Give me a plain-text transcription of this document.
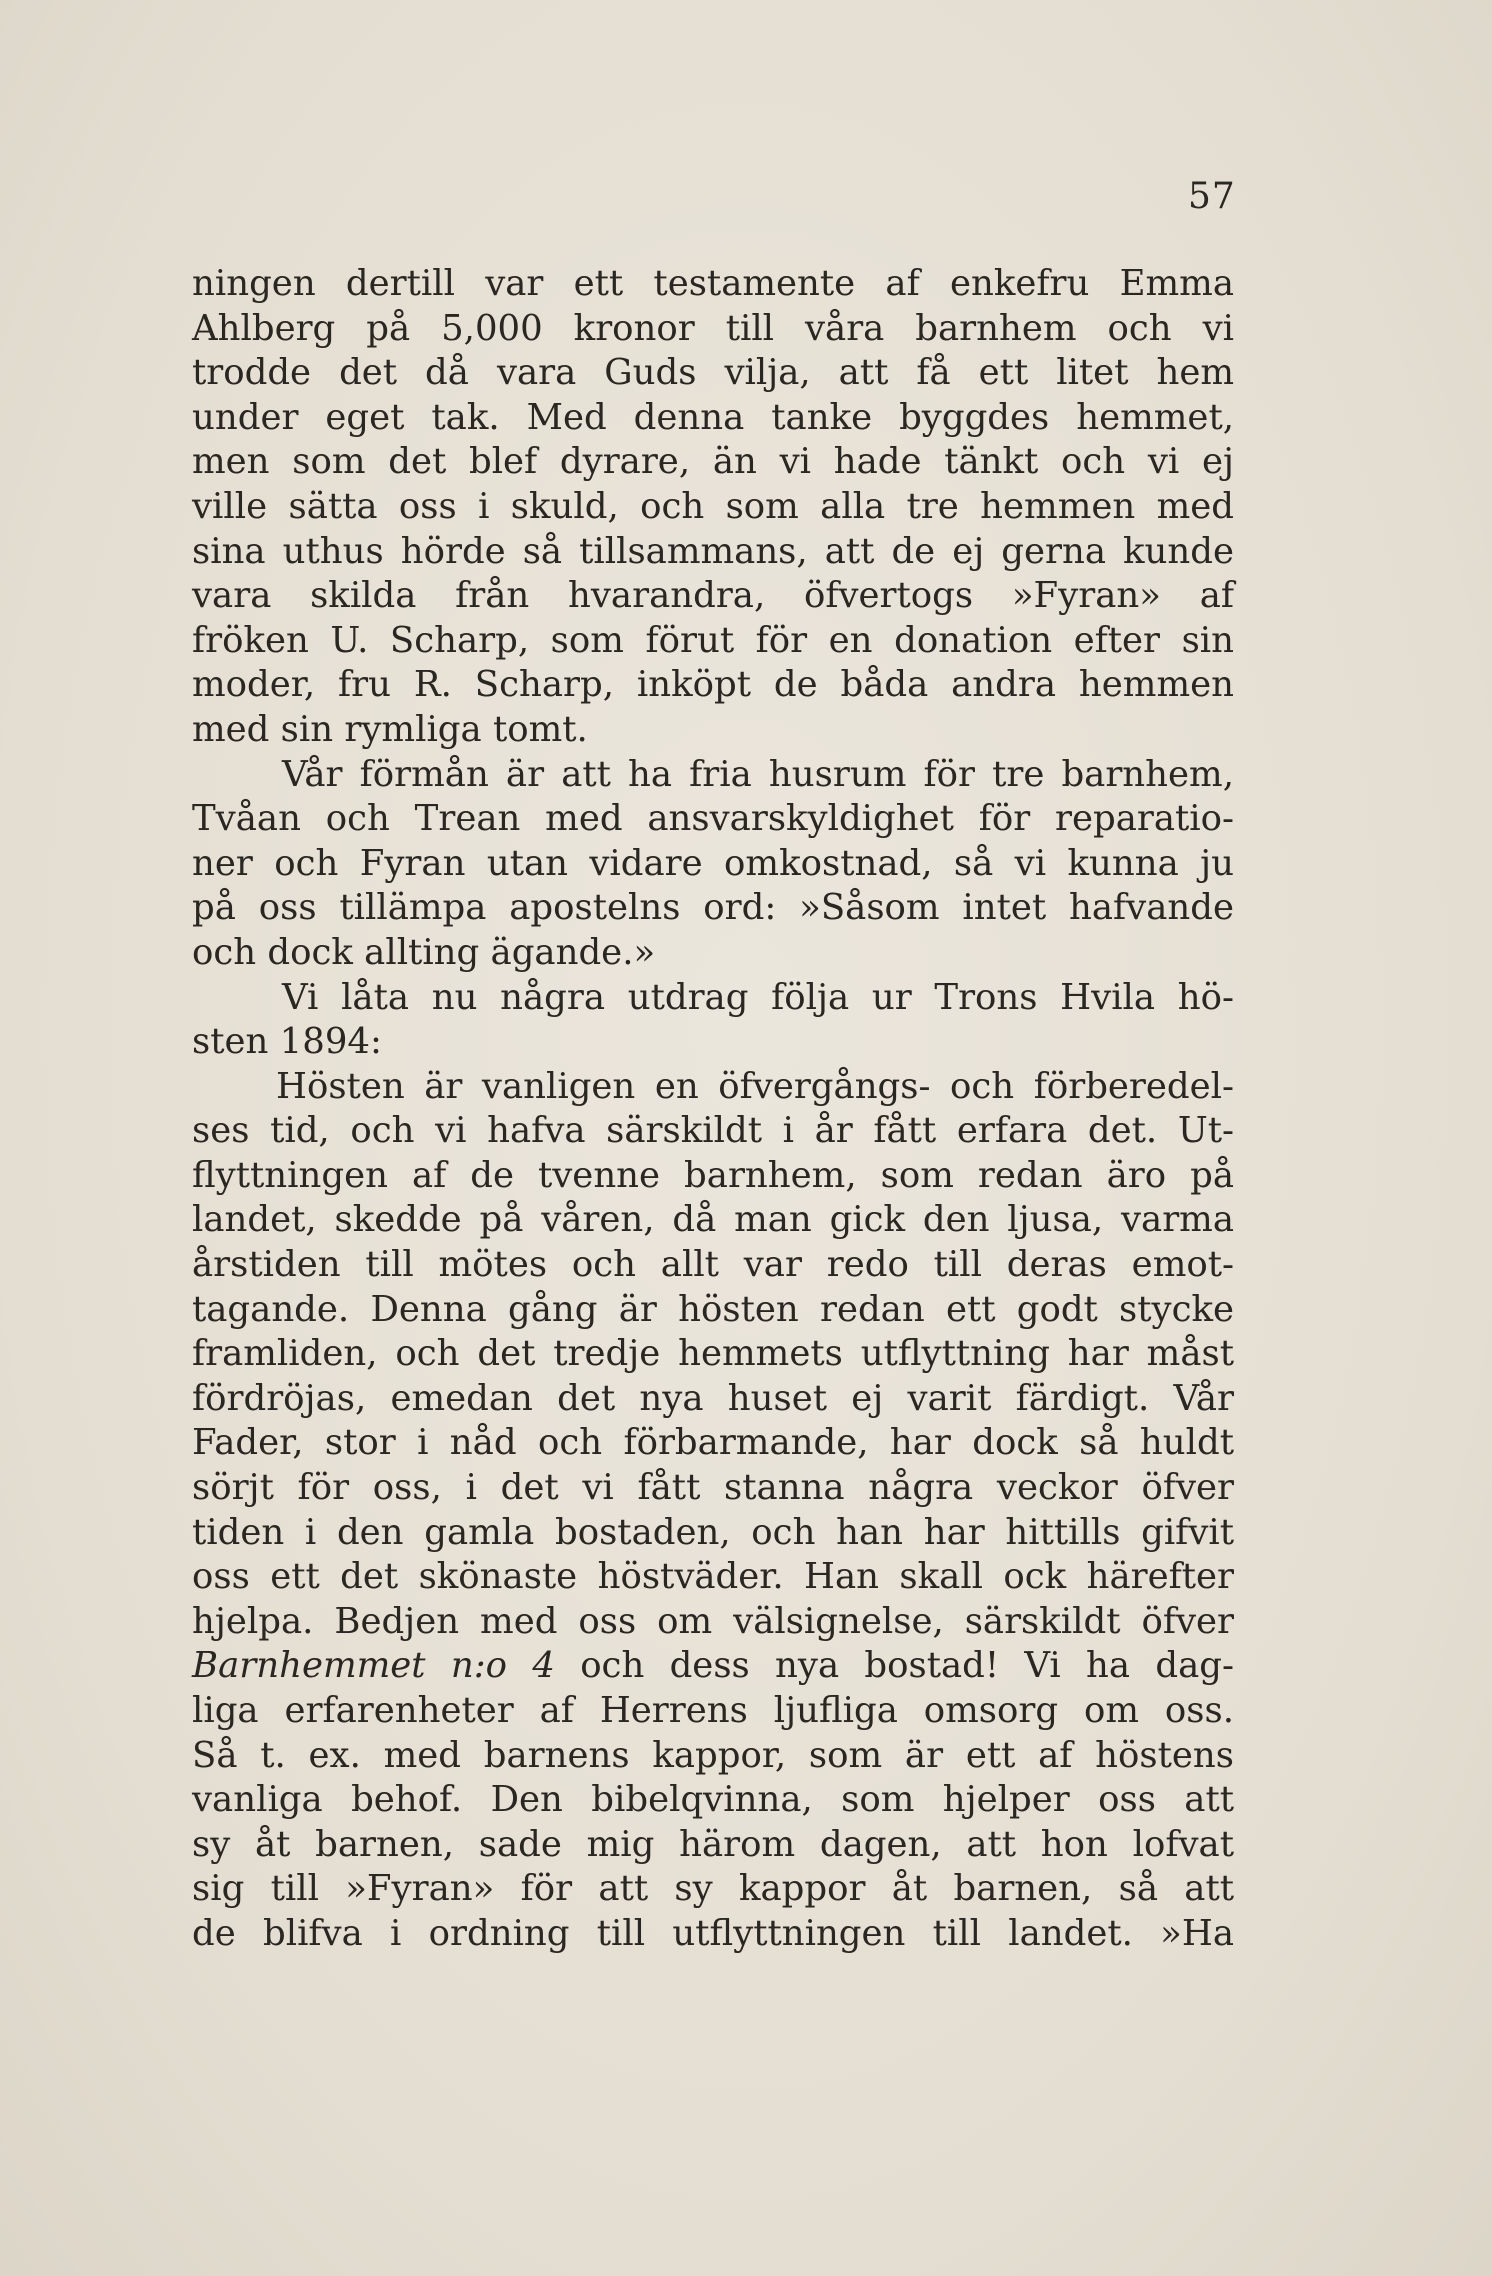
57
ningen dertill var ett testamente af enkefru Emma
Ahlberg på 5,000 kronor till våra barnhem och vi
trodde det då vara Guds vilja, att få ett litet hem
under eget tak. Med denna tanke byggdes hemmet,
men som det blef dyrare, än vi hade tänkt och vi ej
ville sätta oss i skuld, och som alla tre hemmen med
sina uthus hörde så tillsammans, att de ej gerna kunde
vara skilda från hvarandra, öfvertogs »Fyran» af
fröken U. Scharp, som förut för en donation efter sin
moder, fru R. Scharp, inköpt de båda andra hemmen
med sin rymliga tomt.
Vår förmån är att ha fria husrum för tre barnhem,
Tvåan och Trean med ansvarskyldighet för reparatio-
ner och Fyran utan vidare omkostnad, så vi kunna ju
på oss tillämpa apostelns ord: »Såsom intet hafvande
och dock allting ägande.»
Vi låta nu några utdrag följa ur Trons Hvila hö-
sten 1894:
Hösten är vanligen en öfvergångs- och förberedel-
ses tid, och vi hafva särskildt i år fått erfara det. Ut-
flyttningen af de tvenne barnhem, som redan äro på
landet, skedde på våren, då man gick den ljusa, varma
årstiden till mötes och allt var redo till deras emot-
tagande. Denna gång är hösten redan ett godt stycke
framliden, och det tredje hemmets utflyttning har måst
fördröjas, emedan det nya huset ej varit färdigt. Vår
Fader, stor i nåd och förbarmande, har dock så huldt
sörjt för oss, i det vi fått stanna några veckor öfver
tiden i den gamla bostaden, och han har hittills gifvit
oss ett det skönaste höstväder. Han skall ock härefter
hjelpa. Bedjen med oss om välsignelse, särskildt öfver
Barnhemmet n:o 4 och dess nya bostad! Vi ha dag-
liga erfarenheter af Herrens ljufliga omsorg om oss.
Så t. ex. med barnens kappor, som är ett af höstens
vanliga behof. Den bibelqvinna, som hjelper oss att
sy åt barnen, sade mig härom dagen, att hon lofvat
sig till »Fyran» för att sy kappor åt barnen, så att
de blifva i ordning till utflyttningen till landet. »Ha
